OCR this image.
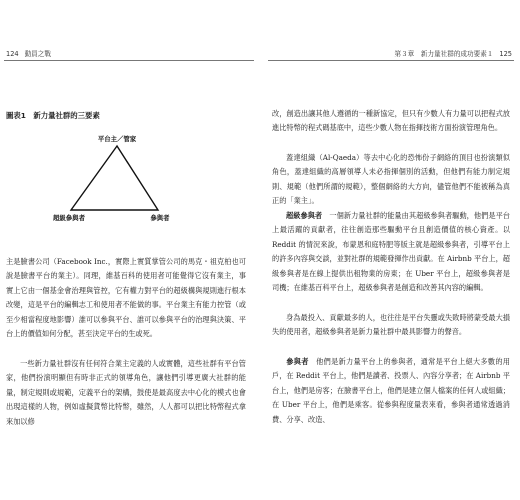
124 動員之戰
圖表1　新力量社群的三要素
平台主／管家
超級參與者	參與者
主是臉書公司（Facebook Inc.，實際上實質掌管公司的馬克・祖克柏也可說是臉書平台的業主）。同理，維基百科的使用者可能覺得它沒有業主，事實上它由一個基金會治理與管控，它有權力對平台的超級構與規則進行根本改變，這是平台的編輯志工和使用者不能做的事。平台業主有能力控管（或至少相當程度地影響）誰可以參與平台、誰可以參與平台的治理與決策、平台上的價值如何分配，甚至決定平台的生或死。
一些新力量社群沒有任何符合業主定義的人或實體，這些社群有平台管家，他們扮演明顯但有時非正式的領導角色，讓他們引導更廣大社群的能量，制定規則或規範，定義平台的架構，鼓使是最高度去中心化的模式也會出現這樣的人物，例如虛擬貨幣比特幣，雖然，人人都可以把比特幣程式拿來加以修
第３章　新力量社群的成功要素１ 125
改，創造出讓其他人遵循的一種新協定，但只有少數人有力量可以把程式放進比特幣的程式碼基底中，這些少數人物在指揮技術方面扮演管理角色。
蓋達組織（Al-Qaeda）等去中心化的恐怖份子網絡的頂目也扮演類似角色，蓋達組織的高層領導人未必指揮個別的活動，但他們有能力制定規則、規範（他們所謂的規範），整個網絡的大方向，儘管他們不能被稱為真正的「業主」。
超級參與者　 一個新力量社群的能量由其超級參與者驅動，他們是平台上最活躍的貢獻者，往往創造那些驅動平台且創造價值的核心資產。以 Reddit 的情況來說，布蒙恩和庭特肥等版主就是超級參與者，引導平台上的許多內容與交談，並對社群的規範發揮作出貢獻。在 Airbnb 平台上，超級參與者是在線上提供出租物業的房東；在 Uber 平台上，超級參與者是司機；在維基百科平台上，超級參與者是創造和改善其內容的編輯。
身為最投入、貢獻最多的人，也往往是平台失靈或失敗時將蒙受最大損失的使用者，超級參與者是新力量社群中最具影響力的聲音。
參與者　 他們是新力量平台上的參與者，通常是平台上絕大多數的用戶，在 Reddit 平台上，他們是讀者、投票人、內容分享者；在 Airbnb 平台上，他們是房客；在臉書平台上，他們是建立個人檔案的任何人或組織；在 Uber 平台上，他們是乘客。從參與程度量表來看，參與者通常透過消費、分享、改造、
